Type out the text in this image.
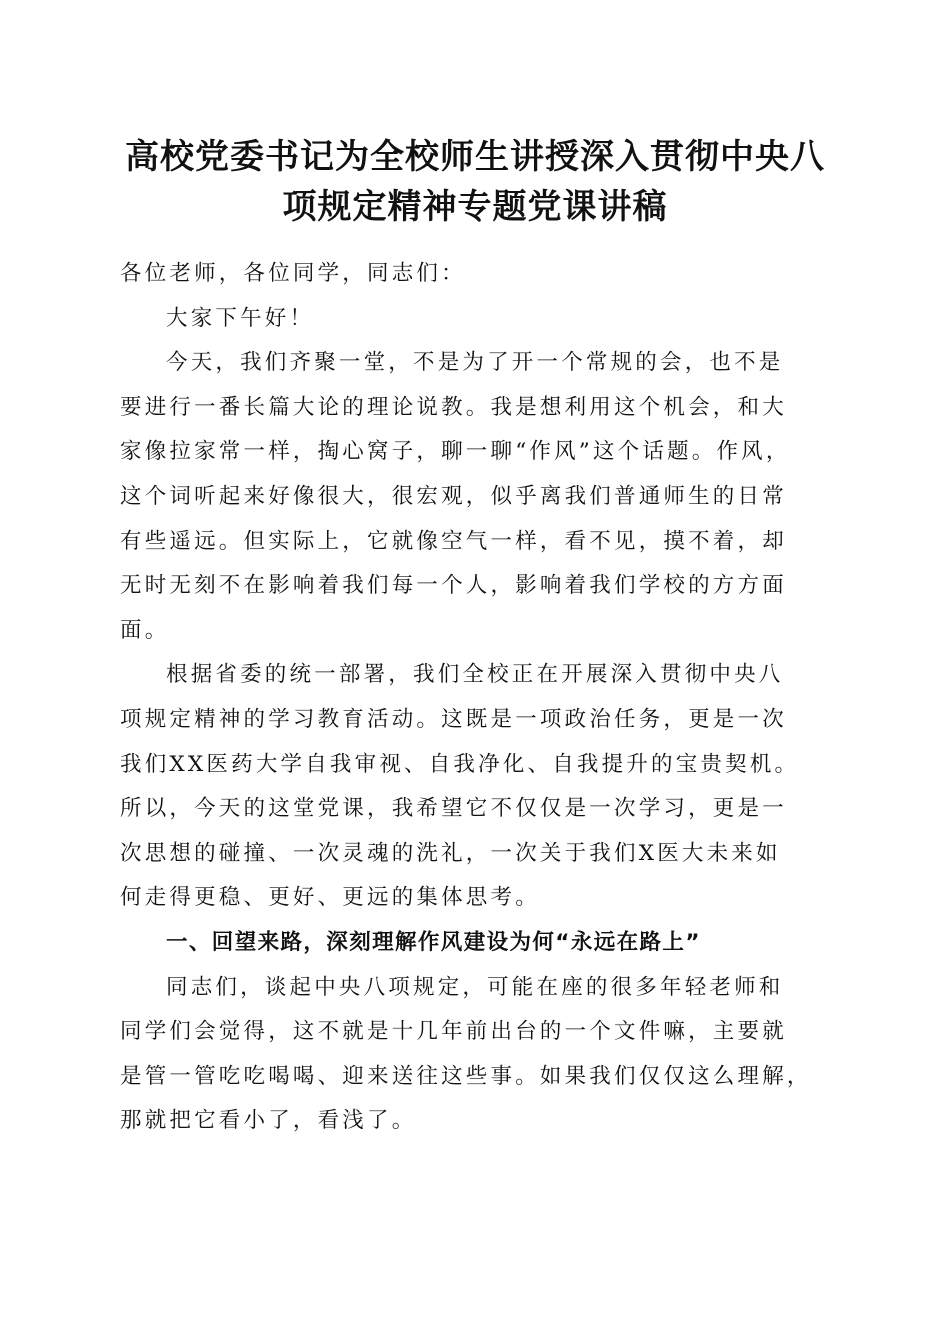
高校党委书记为全校师生讲授深入贯彻中央八
项规定精神专题党课讲稿
各位老师，各位同学，同志们：
大家下午好！
今天，我们齐聚一堂，不是为了开一个常规的会，也不是
要进行一番长篇大论的理论说教。我是想利用这个机会，和大
家像拉家常一样，掏心窝子，聊一聊“作风”这个话题。作风，
这个词听起来好像很大，很宏观，似乎离我们普通师生的日常
有些遥远。但实际上，它就像空气一样，看不见，摸不着，却
无时无刻不在影响着我们每一个人，影响着我们学校的方方面
面。
根据省委的统一部署，我们全校正在开展深入贯彻中央八
项规定精神的学习教育活动。这既是一项政治任务，更是一次
我们XX医药大学自我审视、自我净化、自我提升的宝贵契机。
所以，今天的这堂党课，我希望它不仅仅是一次学习，更是一
次思想的碰撞、一次灵魂的洗礼，一次关于我们X医大未来如
何走得更稳、更好、更远的集体思考。
一、回望来路，深刻理解作风建设为何“永远在路上”
同志们，谈起中央八项规定，可能在座的很多年轻老师和
同学们会觉得，这不就是十几年前出台的一个文件嘛，主要就
是管一管吃吃喝喝、迎来送往这些事。如果我们仅仅这么理解，
那就把它看小了，看浅了。
